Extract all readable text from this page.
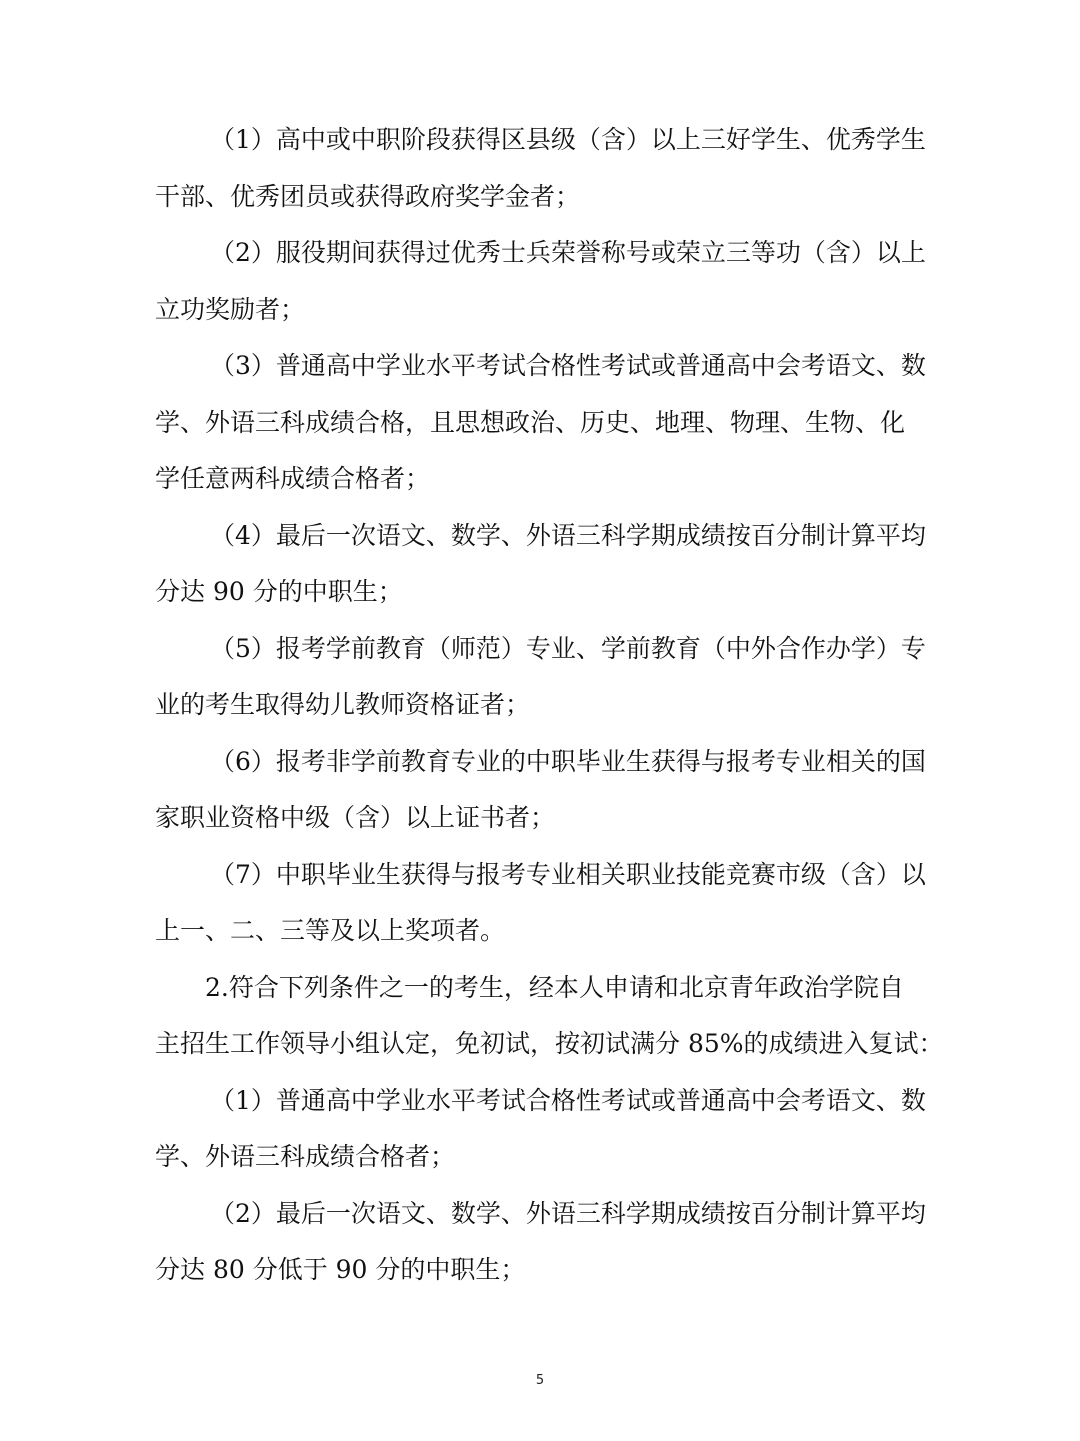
（1）高中或中职阶段获得区县级（含）以上三好学生、优秀学生
干部、优秀团员或获得政府奖学金者；
（2）服役期间获得过优秀士兵荣誉称号或荣立三等功（含）以上
立功奖励者；
（3）普通高中学业水平考试合格性考试或普通高中会考语文、数
学、外语三科成绩合格，且思想政治、历史、地理、物理、生物、化
学任意两科成绩合格者；
（4）最后一次语文、数学、外语三科学期成绩按百分制计算平均
分达 90 分的中职生；
（5）报考学前教育（师范）专业、学前教育（中外合作办学）专
业的考生取得幼儿教师资格证者；
（6）报考非学前教育专业的中职毕业生获得与报考专业相关的国
家职业资格中级（含）以上证书者；
（7）中职毕业生获得与报考专业相关职业技能竞赛市级（含）以
上一、二、三等及以上奖项者。
2.符合下列条件之一的考生，经本人申请和北京青年政治学院自
主招生工作领导小组认定，免初试，按初试满分 85%的成绩进入复试：
（1）普通高中学业水平考试合格性考试或普通高中会考语文、数
学、外语三科成绩合格者；
（2）最后一次语文、数学、外语三科学期成绩按百分制计算平均
分达 80 分低于 90 分的中职生；
5
